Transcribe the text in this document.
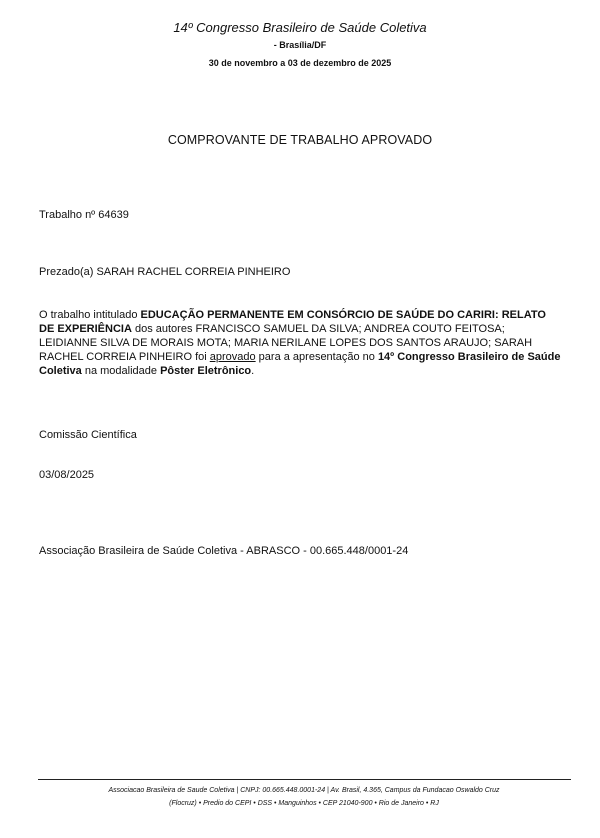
14º Congresso Brasileiro de Saúde Coletiva
- Brasília/DF
30 de novembro a 03 de dezembro de 2025
COMPROVANTE DE TRABALHO APROVADO
Trabalho nº 64639
Prezado(a) SARAH RACHEL CORREIA PINHEIRO
O trabalho intitulado EDUCAÇÃO PERMANENTE EM CONSÓRCIO DE SAÚDE DO CARIRI: RELATO DE EXPERIÊNCIA dos autores FRANCISCO SAMUEL DA SILVA; ANDREA COUTO FEITOSA; LEIDIANNE SILVA DE MORAIS MOTA; MARIA NERILANE LOPES DOS SANTOS ARAUJO; SARAH RACHEL CORREIA PINHEIRO foi aprovado para a apresentação no 14º Congresso Brasileiro de Saúde Coletiva na modalidade Pôster Eletrônico.
Comissão Científica
03/08/2025
Associação Brasileira de Saúde Coletiva - ABRASCO - 00.665.448/0001-24
Associacao Brasileira de Saude Coletiva | CNPJ: 00.665.448.0001-24 | Av. Brasil, 4.365, Campus da Fundacao Oswaldo Cruz
(Flocruz) • Predio do CEPI • DSS • Manguinhos • CEP 21040-900 • Rio de Janeiro • RJ
